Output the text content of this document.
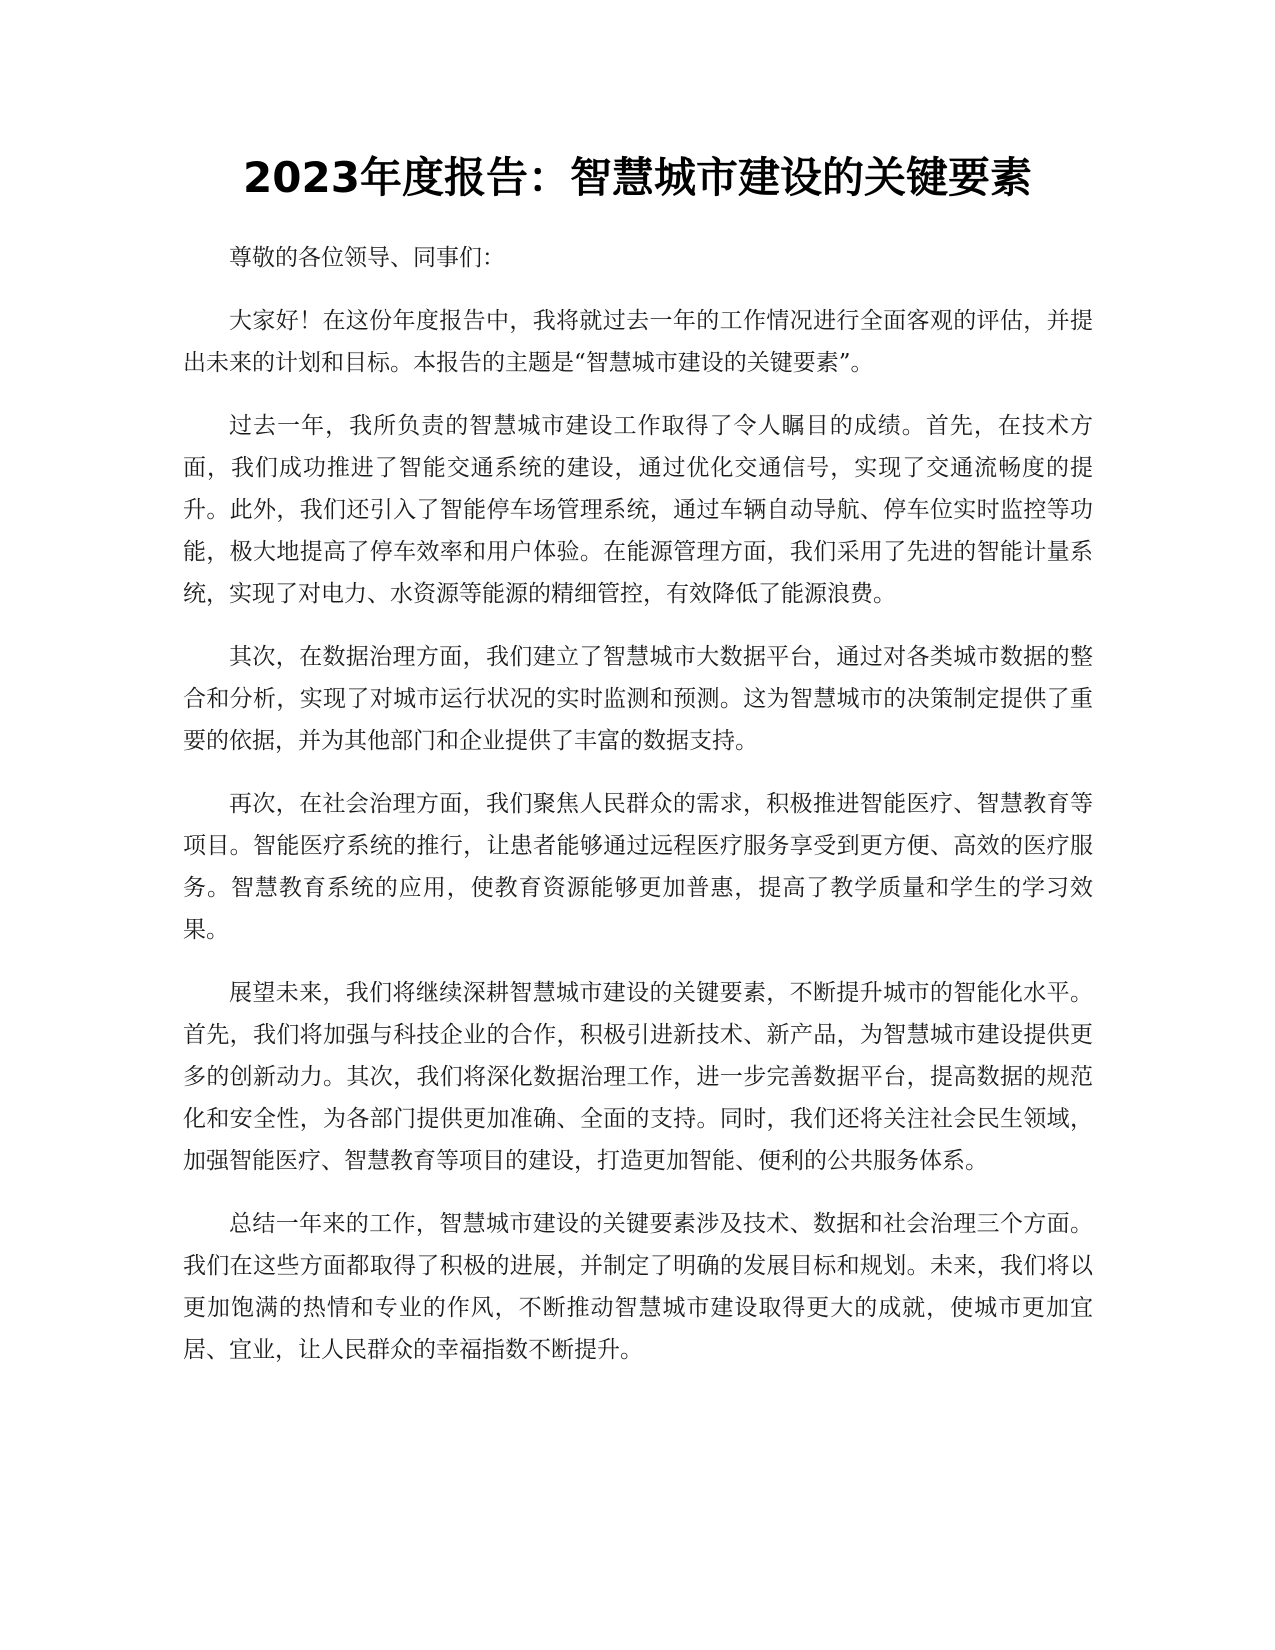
2023年度报告：智慧城市建设的关键要素

尊敬的各位领导、同事们：

大家好！在这份年度报告中，我将就过去一年的工作情况进行全面客观的评估，并提出未来的计划和目标。本报告的主题是“智慧城市建设的关键要素”。

过去一年，我所负责的智慧城市建设工作取得了令人瞩目的成绩。首先，在技术方面，我们成功推进了智能交通系统的建设，通过优化交通信号，实现了交通流畅度的提升。此外，我们还引入了智能停车场管理系统，通过车辆自动导航、停车位实时监控等功能，极大地提高了停车效率和用户体验。在能源管理方面，我们采用了先进的智能计量系统，实现了对电力、水资源等能源的精细管控，有效降低了能源浪费。

其次，在数据治理方面，我们建立了智慧城市大数据平台，通过对各类城市数据的整合和分析，实现了对城市运行状况的实时监测和预测。这为智慧城市的决策制定提供了重要的依据，并为其他部门和企业提供了丰富的数据支持。

再次，在社会治理方面，我们聚焦人民群众的需求，积极推进智能医疗、智慧教育等项目。智能医疗系统的推行，让患者能够通过远程医疗服务享受到更方便、高效的医疗服务。智慧教育系统的应用，使教育资源能够更加普惠，提高了教学质量和学生的学习效果。

展望未来，我们将继续深耕智慧城市建设的关键要素，不断提升城市的智能化水平。首先，我们将加强与科技企业的合作，积极引进新技术、新产品，为智慧城市建设提供更多的创新动力。其次，我们将深化数据治理工作，进一步完善数据平台，提高数据的规范化和安全性，为各部门提供更加准确、全面的支持。同时，我们还将关注社会民生领域，加强智能医疗、智慧教育等项目的建设，打造更加智能、便利的公共服务体系。

总结一年来的工作，智慧城市建设的关键要素涉及技术、数据和社会治理三个方面。我们在这些方面都取得了积极的进展，并制定了明确的发展目标和规划。未来，我们将以更加饱满的热情和专业的作风，不断推动智慧城市建设取得更大的成就，使城市更加宜居、宜业，让人民群众的幸福指数不断提升。
